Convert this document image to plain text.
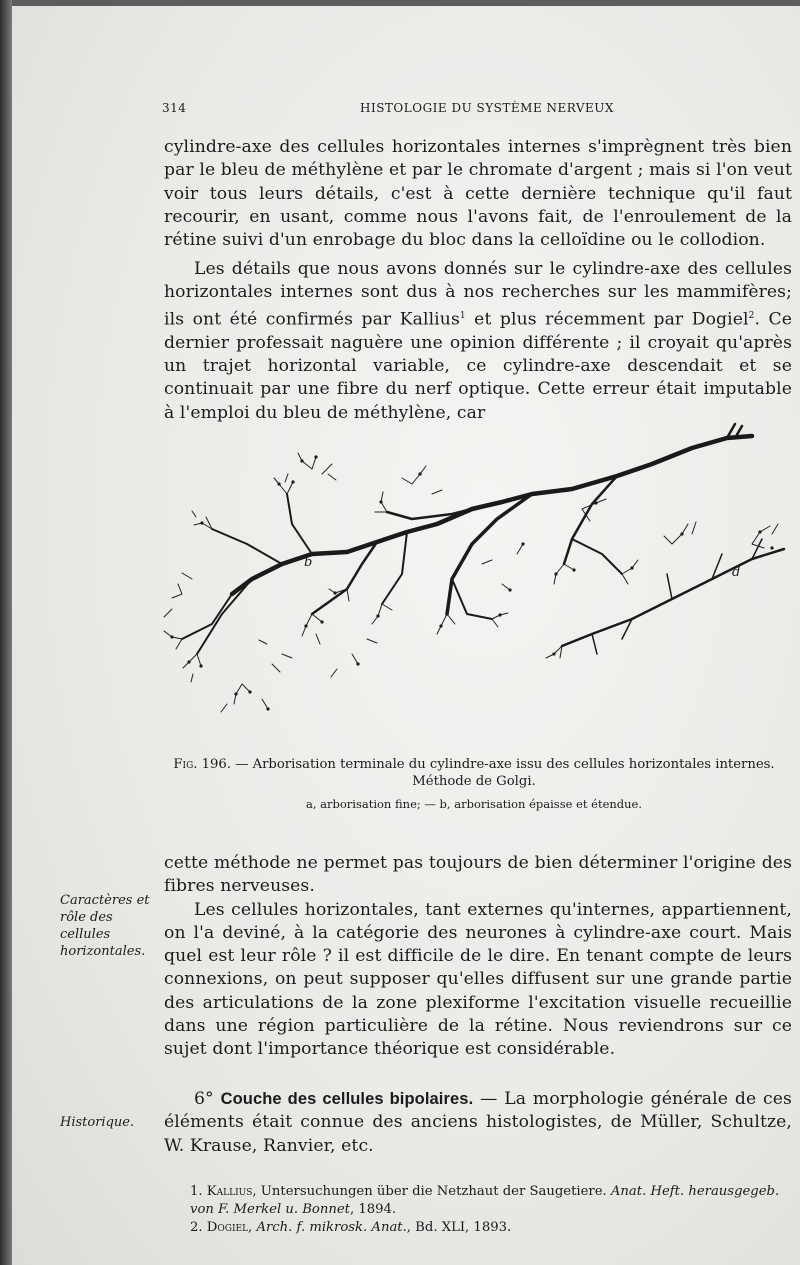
314	HISTOLOGIE DU SYSTÈME NERVEUX

cylindre-axe des cellules horizontales internes s'imprègnent très bien par le bleu de méthylène et par le chromate d'argent ; mais si l'on veut voir tous leurs détails, c'est à cette dernière technique qu'il faut recourir, en usant, comme nous l'avons fait, de l'enroulement de la rétine suivi d'un enrobage du bloc dans la celloïdine ou le collodion.

Les détails que nous avons donnés sur le cylindre-axe des cellules horizontales internes sont dus à nos recherches sur les mammifères; ils ont été confirmés par Kallius$^1$ et plus récemment par Dogiel$^2$. Ce dernier professait naguère une opinion différente ; il croyait qu'après un trajet horizontal variable, ce cylindre-axe descendait et se continuait par une fibre du nerf optique. Cette erreur était imputable à l'emploi du bleu de méthylène, car

b
d
Fig. 196. — Arborisation terminale du cylindre-axe issu des cellules horizontales internes. Méthode de Golgi.
a, arborisation fine; — b, arborisation épaisse et étendue.

cette méthode ne permet pas toujours de bien déterminer l'origine des fibres nerveuses.

Les cellules horizontales, tant externes qu'internes, appartiennent, on l'a deviné, à la catégorie des neurones à cylindre-axe court. Mais quel est leur rôle ? il est difficile de le dire. En tenant compte de leurs connexions, on peut supposer qu'elles diffusent sur une grande partie des articulations de la zone plexiforme l'excitation visuelle recueillie dans une région particulière de la rétine. Nous reviendrons sur ce sujet dont l'importance théorique est considérable.

Caractères et rôle des cellules horizontales.
Historique.

6° Couche des cellules bipolaires. — La morphologie générale de ces éléments était connue des anciens histologistes, de Müller, Schultze, W. Krause, Ranvier, etc.

1. Kallius, Untersuchungen über die Netzhaut der Saugetiere. Anat. Heft. herausgegeb. von F. Merkel u. Bonnet, 1894.

2. Dogiel, Arch. f. mikrosk. Anat., Bd. XLI, 1893.
